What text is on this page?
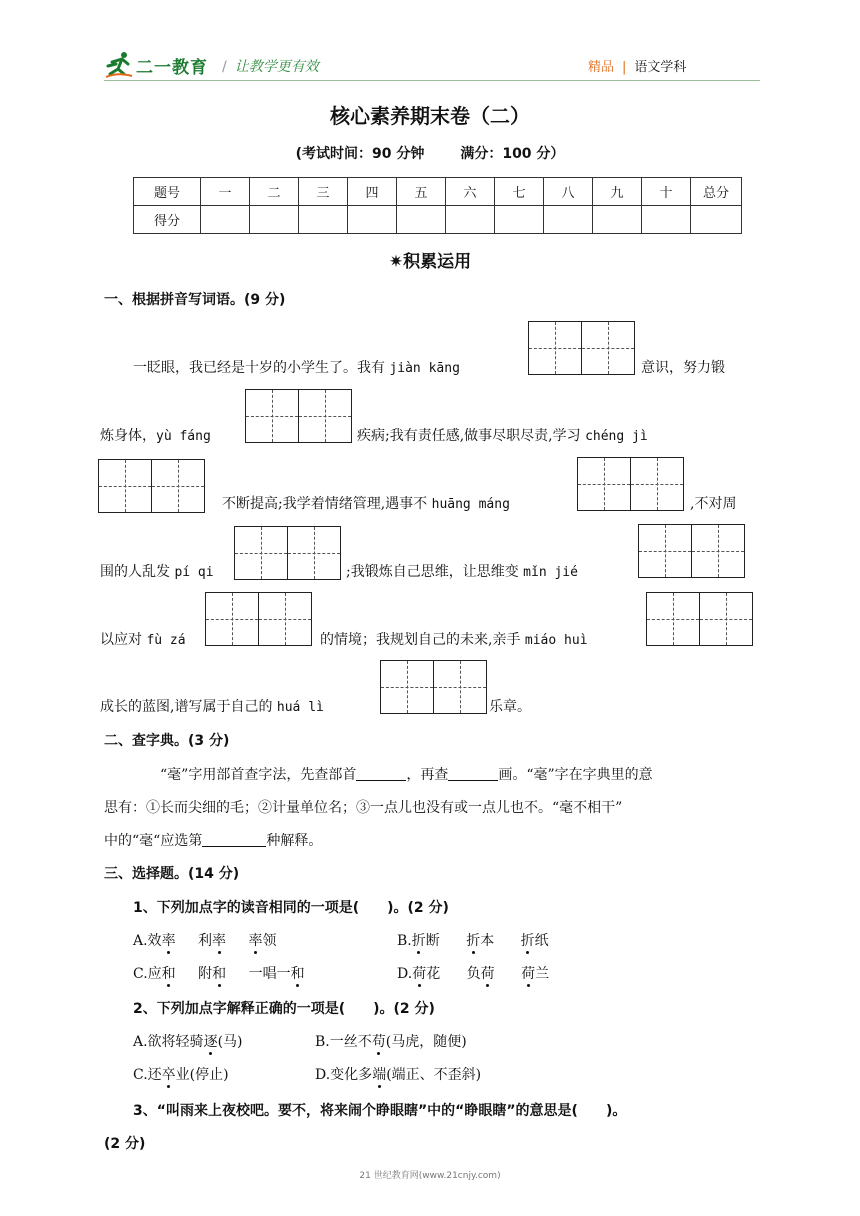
二一教育 / 让教学更有效	精品 | 语文学科
核心素养期末卷（二）
(考试时间：90 分钟	满分：100 分）
题号	一	二	三	四	五	六	七	八	九	十	总分
得分											
✷积累运用
一、根据拼音写词语。(9 分)
一眨眼，我已经是十岁的小学生了。我有 jiàn kāng	意识，努力锻
炼身体，yù fáng	疾病;我有责任感,做事尽职尽责,学习 chéng jì
不断提高;我学着情绪管理,遇事不 huāng máng	,不对周
围的人乱发 pí qi	;我锻炼自己思维，让思维变 mǐn jié
以应对 fù zá	的情境；我规划自己的未来,亲手 miáo huì
成长的蓝图,谱写属于自己的 huá lì	乐章。
二、查字典。(3 分)
“毫”字用部首查字法，先查部首	，再查	画。“毫”字在字典里的意
思有：①长而尖细的毛；②计量单位名；③一点儿也没有或一点儿也不。“毫不相干”
中的“毫“应选第	种解释。
三、选择题。(14 分)
1、下列加点字的读音相同的一项是(　　)。(2 分)
A.效率 利率 率领	B.折断 折本 折纸
C.应和 附和 一唱一和	D.荷花 负荷 荷兰
2、下列加点字解释正确的一项是(　　)。(2 分)
A.欲将轻骑逐(马)	B.一丝不苟(马虎，随便)
C.还卒业(停止)	D.变化多端(端正、不歪斜)
3、“叫雨来上夜校吧。要不，将来闹个睁眼瞎”中的“睁眼瞎”的意思是(　　)。
(2 分)
21 世纪教育网(www.21cnjy.com)
